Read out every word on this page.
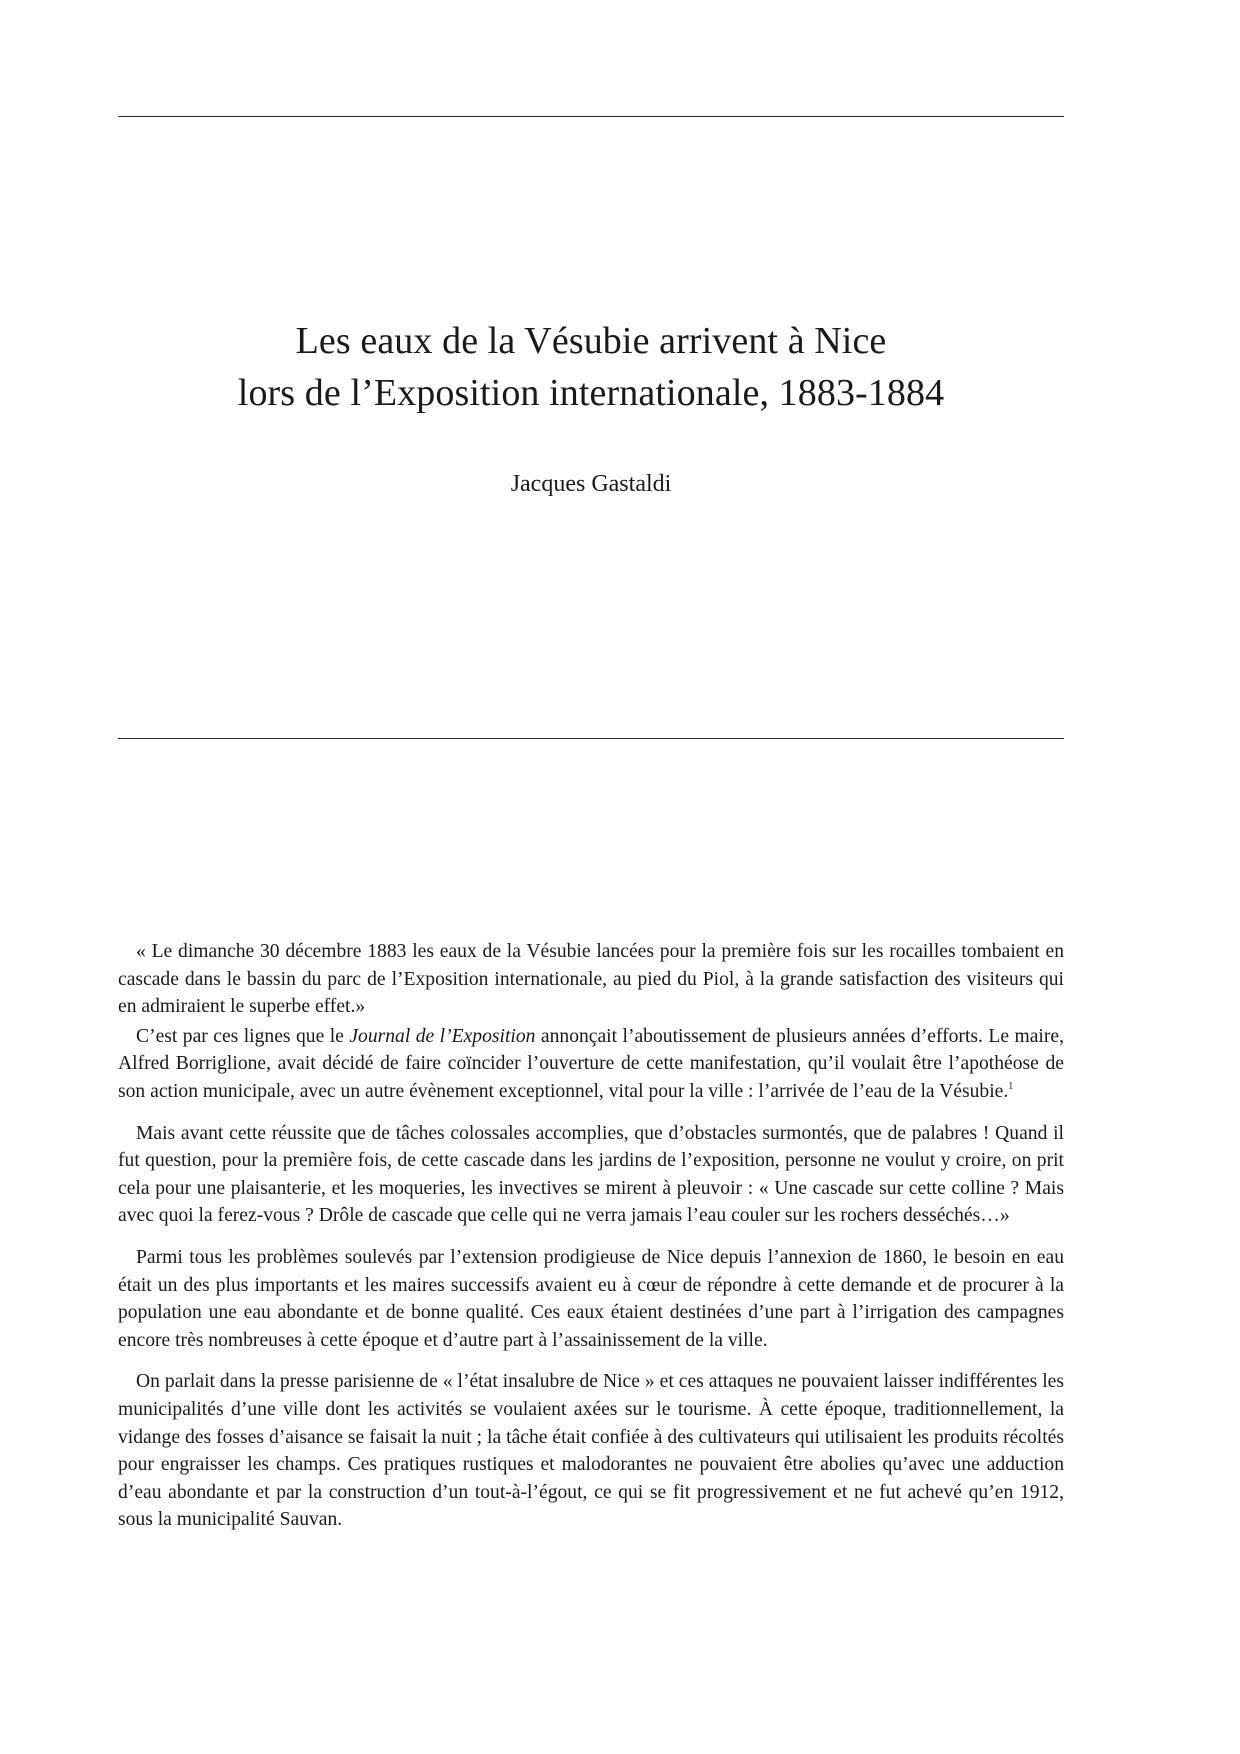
Les eaux de la Vésubie arrivent à Nice
lors de l’Exposition internationale, 1883-1884
Jacques Gastaldi

« Le dimanche 30 décembre 1883 les eaux de la Vésubie lancées pour la première fois sur les rocailles tombaient en cascade dans le bassin du parc de l’Exposition internationale, au pied du Piol, à la grande satisfaction des visiteurs qui en admiraient le superbe effet.»

C’est par ces lignes que le Journal de l’Exposition annonçait l’aboutissement de plusieurs années d’efforts. Le maire, Alfred Borriglione, avait décidé de faire coïncider l’ouverture de cette manifestation, qu’il voulait être l’apothéose de son action municipale, avec un autre évènement exceptionnel, vital pour la ville : l’arrivée de l’eau de la Vésubie.$^1$

Mais avant cette réussite que de tâches colossales accomplies, que d’obstacles surmontés, que de palabres ! Quand il fut question, pour la première fois, de cette cascade dans les jardins de l’exposition, personne ne voulut y croire, on prit cela pour une plaisanterie, et les moqueries, les invectives se mirent à pleuvoir : « Une cascade sur cette colline ? Mais avec quoi la ferez-vous ? Drôle de cascade que celle qui ne verra jamais l’eau couler sur les rochers desséchés…»

Parmi tous les problèmes soulevés par l’extension prodigieuse de Nice depuis l’annexion de 1860, le besoin en eau était un des plus importants et les maires successifs avaient eu à cœur de répondre à cette demande et de procurer à la population une eau abondante et de bonne qualité. Ces eaux étaient destinées d’une part à l’irrigation des campagnes encore très nombreuses à cette époque et d’autre part à l’assainissement de la ville.

On parlait dans la presse parisienne de « l’état insalubre de Nice » et ces attaques ne pouvaient laisser indifférentes les municipalités d’une ville dont les activités se voulaient axées sur le tourisme. À cette époque, traditionnellement, la vidange des fosses d’aisance se faisait la nuit ; la tâche était confiée à des cultivateurs qui utilisaient les produits récoltés pour engraisser les champs. Ces pratiques rustiques et malodorantes ne pouvaient être abolies qu’avec une adduction d’eau abondante et par la construction d’un tout-à-l’égout, ce qui se fit progressivement et ne fut achevé qu’en 1912, sous la municipalité Sauvan.
